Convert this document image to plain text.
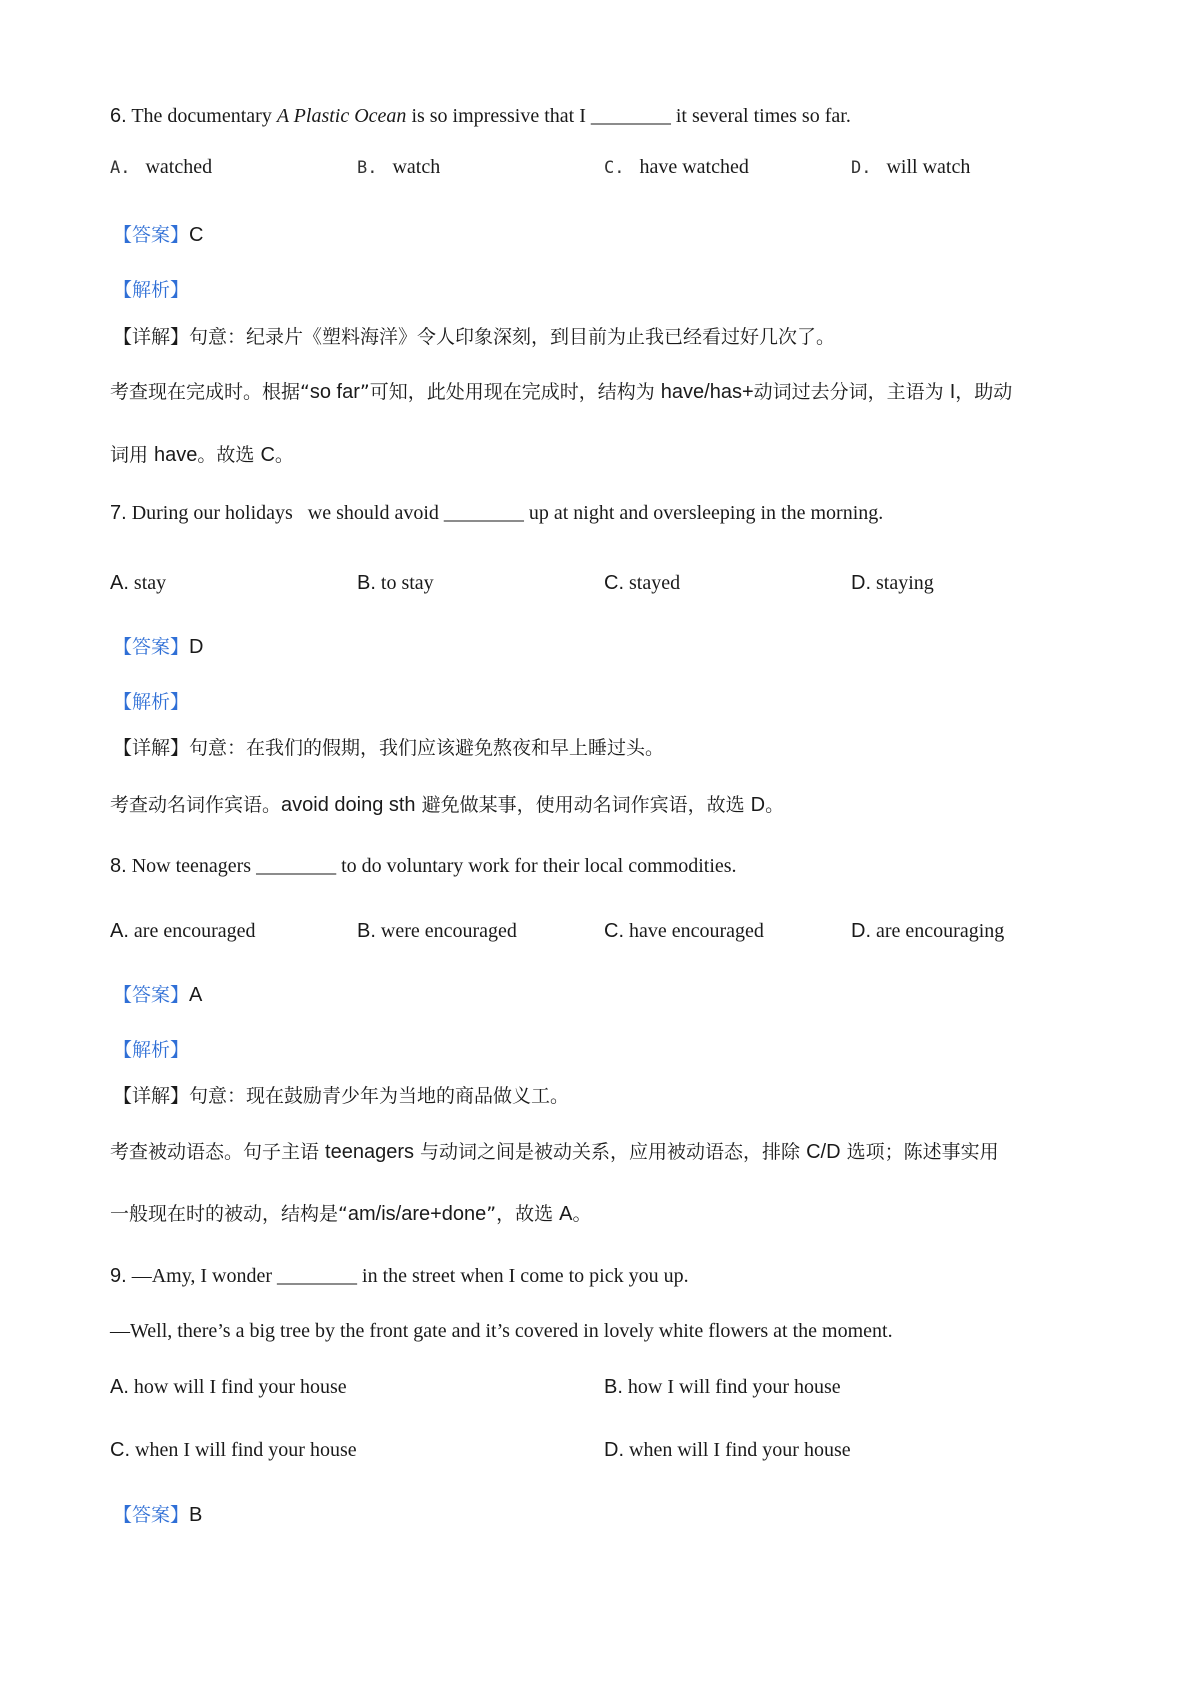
6. The documentary A Plastic Ocean is so impressive that I ________ it several times so far.
A. watched	B. watch	C. have watched	D. will watch
【答案】C
【解析】
【详解】句意：纪录片《塑料海洋》令人印象深刻，到目前为止我已经看过好几次了。
考查现在完成时。根据“so far”可知，此处用现在完成时，结构为 have/has+动词过去分词，主语为 I，助动
词用 have。故选 C。
7. During our holidays   we should avoid ________ up at night and oversleeping in the morning.
A. stay	B. to stay	C. stayed	D. staying
【答案】D
【解析】
【详解】句意：在我们的假期，我们应该避免熬夜和早上睡过头。
考查动名词作宾语。avoid doing sth 避免做某事，使用动名词作宾语，故选 D。
8. Now teenagers ________ to do voluntary work for their local commodities.
A. are encouraged	B. were encouraged	C. have encouraged	D. are encouraging
【答案】A
【解析】
【详解】句意：现在鼓励青少年为当地的商品做义工。
考查被动语态。句子主语 teenagers 与动词之间是被动关系，应用被动语态，排除 C/D 选项；陈述事实用
一般现在时的被动，结构是“am/is/are+done”，故选 A。
9. —Amy, I wonder ________ in the street when I come to pick you up.
—Well, there’s a big tree by the front gate and it’s covered in lovely white flowers at the moment.
A. how will I find your house	B. how I will find your house
C. when I will find your house	D. when will I find your house
【答案】B
